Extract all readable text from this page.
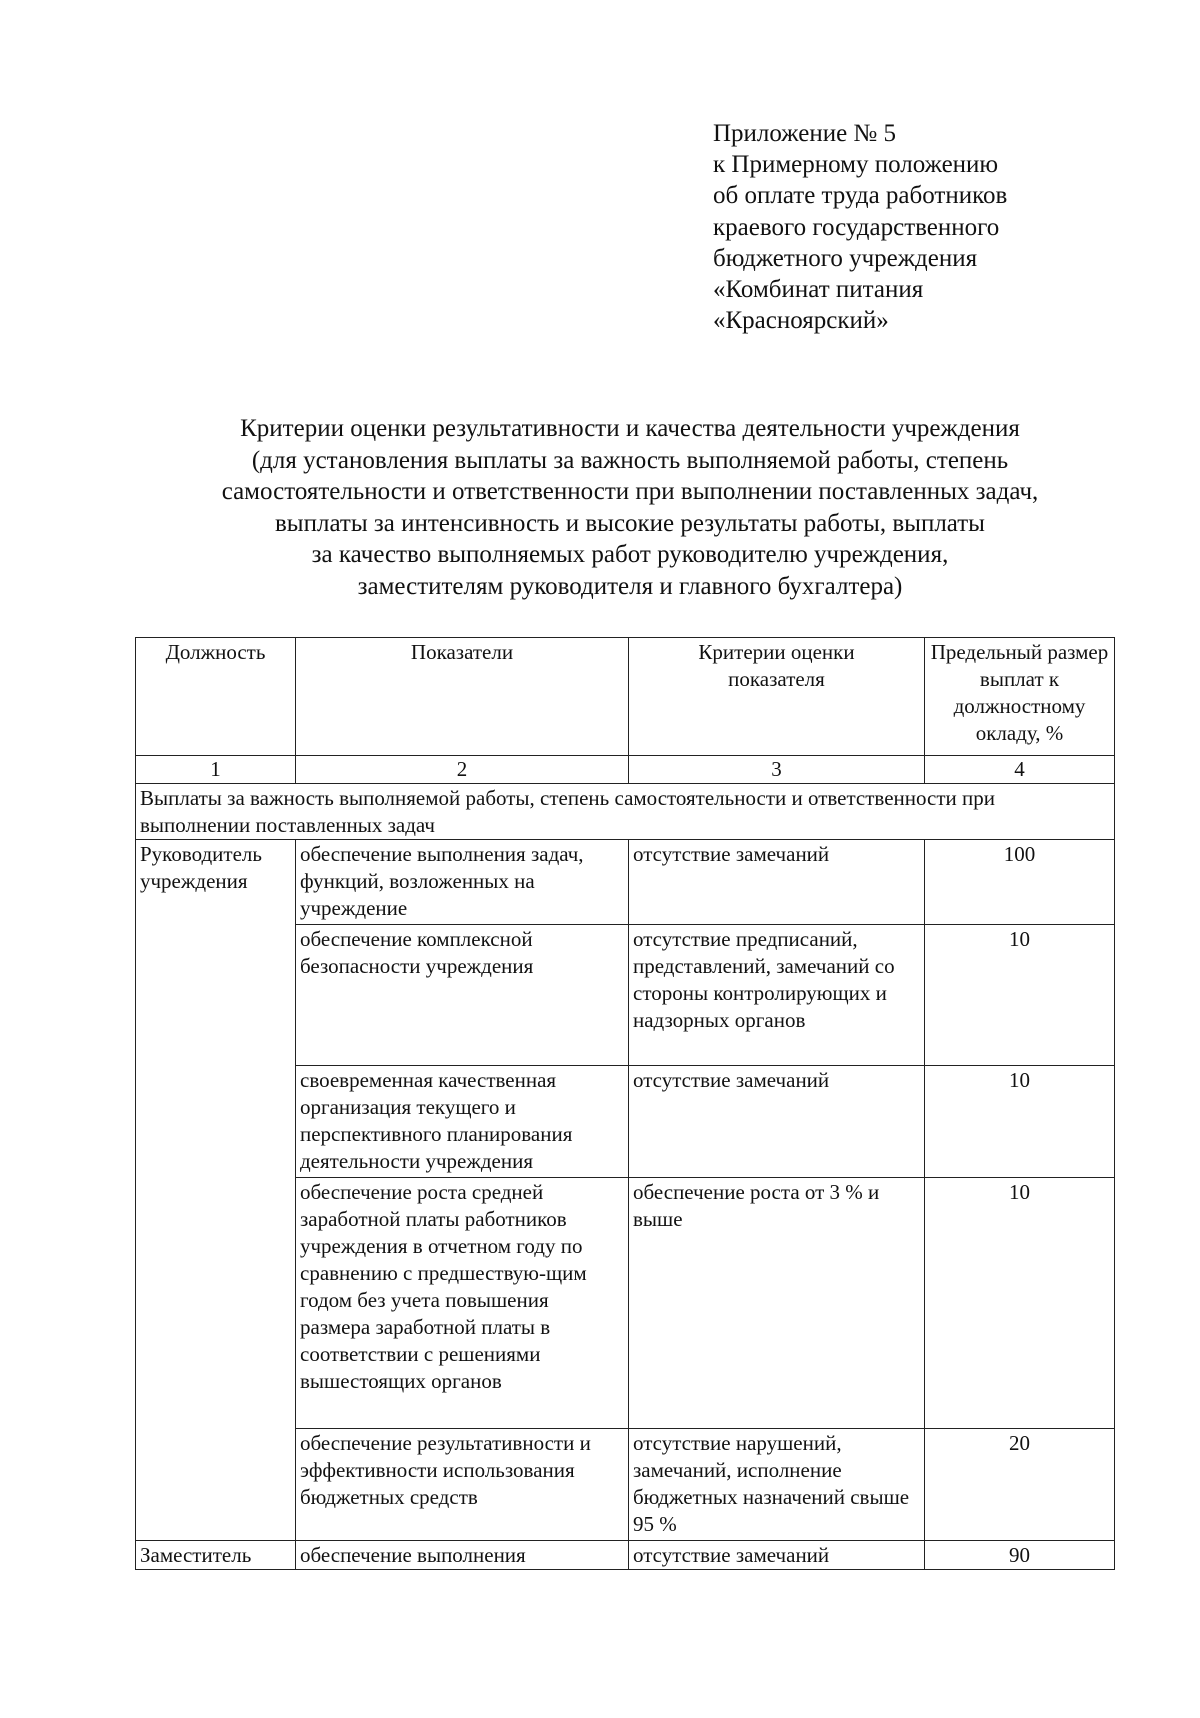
Приложение № 5
к Примерному положению
об оплате труда работников
краевого государственного
бюджетного учреждения
«Комбинат питания
«Красноярский»
Критерии оценки результативности и качества деятельности учреждения
(для установления выплаты за важность выполняемой работы, степень
самостоятельности и ответственности при выполнении поставленных задач,
выплаты за интенсивность и высокие результаты работы, выплаты
за качество выполняемых работ руководителю учреждения,
заместителям руководителя и главного бухгалтера)
Должность	Показатели	Критерии оценки показателя	Предельный размер выплат к должностному окладу, %
1	2	3	4
Выплаты за важность выполняемой работы, степень самостоятельности и ответственности при выполнении поставленных задач			
Руководитель учреждения	обеспечение выполнения задач, функций, возложенных на учреждение	отсутствие замечаний	100
	обеспечение комплексной безопасности учреждения	отсутствие предписаний, представлений, замечаний со стороны контролирующих и надзорных органов	10
	своевременная качественная организация текущего и перспективного планирования деятельности учреждения	отсутствие замечаний	10
	обеспечение роста средней заработной платы работников учреждения в отчетном году по сравнению с предшествую-щим годом без учета повышения размера заработной платы в соответствии с решениями вышестоящих органов	обеспечение роста от 3 % и выше	10
	обеспечение результативности и эффективности использования бюджетных средств	отсутствие нарушений, замечаний, исполнение бюджетных назначений свыше 95 %	20
Заместитель	обеспечение выполнения	отсутствие замечаний	90
